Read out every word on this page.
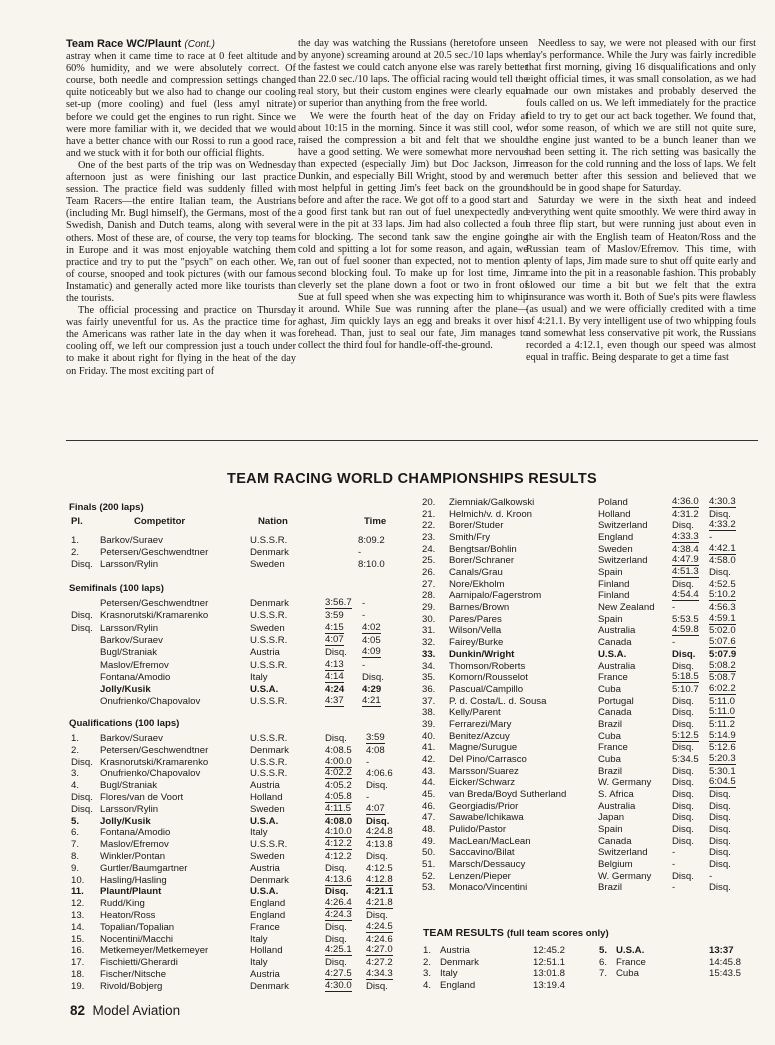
Team Race WC/Plaunt (Cont.)

astray when it came time to race at 0 feet altitude and 60% humidity, and we were absolutely correct. Of course, both needle and compression settings changed quite noticeably but we also had to change our cooling set-up (more cooling) and fuel (less amyl nitrate) before we could get the engines to run right. Since we were more familiar with it, we decided that we would have a better chance with our Rossi to run a good race, and we stuck with it for both our official flights.

One of the best parts of the trip was on Wednesday afternoon just as were finishing our last practice session. The practice field was suddenly filled with Team Racers—the entire Italian team, the Austrians (including Mr. Bugl himself), the Germans, most of the Swedish, Danish and Dutch teams, along with several others. Most of these are, of course, the very top teams in Europe and it was most enjoyable watching them practice and try to put the "psych" on each other. We, of course, snooped and took pictures (with our famous Instamatic) and generally acted more like tourists than the tourists.

The official processing and practice on Thursday was fairly uneventful for us. As the practice time for the Americans was rather late in the day when it was cooling off, we left our compression just a touch under to make it about right for flying in the heat of the day on Friday. The most exciting part of

the day was watching the Russians (heretofore unseen by anyone) screaming around at 20.5 sec./10 laps when the fastest we could catch anyone else was rarely better than 22.0 sec./10 laps. The official racing would tell the real story, but their custom engines were clearly equal or superior than anything from the free world.

We were the fourth heat of the day on Friday at about 10:15 in the morning. Since it was still cool, we raised the compression a bit and felt that we should have a good setting. We were somewhat more nervous than expected (especially Jim) but Doc Jackson, Jim Dunkin, and especially Bill Wright, stood by and were most helpful in getting Jim's feet back on the ground before and after the race. We got off to a good start and a good first tank but ran out of fuel unexpectedly and were in the pit at 33 laps. Jim had also collected a foul for blocking. The second tank saw the engine going cold and spitting a lot for some reason, and again, we ran out of fuel sooner than expected, not to mention a second blocking foul. To make up for lost time, Jim cleverly set the plane down a foot or two in front of Sue at full speed when she was expecting him to whip it around. While Sue was running after the plane—aghast, Jim quickly lays an egg and breaks it over his forehead. Than, just to seal our fate, Jim manages to collect the third foul for handle-off-the-ground.

Needless to say, we were not pleased with our first day's performance. While the Jury was fairly incredible that first morning, giving 16 disqualifications and only eight official times, it was small consolation, as we had made our own mistakes and probably deserved the fouls called on us. We left immediately for the practice field to try to get our act back together. We found that, for some reason, of which we are still not quite sure, the engine just wanted to be a bunch leaner than we had been setting it. The rich setting was basically the reason for the cold running and the loss of laps. We felt much better after this session and believed that we should be in good shape for Saturday.

Saturday we were in the sixth heat and indeed everything went quite smoothly. We were third away in a three flip start, but were running just about even in the air with the English team of Heaton/Ross and the Russian team of Maslov/Efremov. This time, with plenty of laps, Jim made sure to shut off quite early and came into the pit in a reasonable fashion. This probably slowed our time a bit but we felt that the extra insurance was worth it. Both of Sue's pits were flawless (as usual) and we were officially credited with a time of 4:21.1. By very intelligent use of two whipping fouls and somewhat less conservative pit work, the Russians recorded a 4:12.1, even though our speed was almost equal in traffic. Being desparate to get a time fast

TEAM RACING WORLD CHAMPIONSHIPS RESULTS
Finals (200 laps)
Pl.	Competitor	Nation	Time
1. Barkov/Suraev	U.S.S.R.	8:09.2
2. Petersen/Geschwendtner	Denmark	-
Disq. Larsson/Rylin	Sweden	8:10.0
Semifinals (100 laps)
Petersen/Geschwendtner	Denmark	3:56.7 -
Disq. Krasnorutski/Kramarenko	U.S.S.R.	3:59 -
Disq. Larsson/Rylin	Sweden	4:15 4:02
Barkov/Suraev	U.S.S.R.	4:07 4:05
Bugl/Straniak	Austria	Disq. 4:09
Maslov/Efremov	U.S.S.R.	4:13 -
Fontana/Amodio	Italy	4:14 Disq.
Jolly/Kusik	U.S.A.	4:24 4:29
Onufrienko/Chapovalov	U.S.S.R.	4:37 4:21
Qualifications (100 laps)
1. Barkov/Suraev	U.S.S.R.	Disq. 3:59
2. Petersen/Geschwendtner	Denmark	4:08.5 4:08
Disq. Krasnorutski/Kramarenko	U.S.S.R.	4:00.0 -
3. Onufrienko/Chapovalov	U.S.S.R.	4:02.2 4:06.6
4. Bugl/Straniak	Austria	4:05.2 Disq.
Disq. Flores/van de Voort	Holland	4:05.8 -
Disq. Larsson/Rylin	Sweden	4:11.5 4:07
5. Jolly/Kusik	U.S.A.	4:08.0 Disq.
6. Fontana/Amodio	Italy	4:10.0 4:24.8
7. Maslov/Efremov	U.S.S.R.	4:12.2 4:13.8
8. Winkler/Pontan	Sweden	4:12.2 Disq.
9. Gurtler/Baumgartner	Austria	Disq. 4:12.5
10. Hasling/Hasling	Denmark	4:13.6 4:12.8
11. Plaunt/Plaunt	U.S.A.	Disq. 4:21.1
12. Rudd/King	England	4:26.4 4:21.8
13. Heaton/Ross	England	4:24.3 Disq.
14. Topalian/Topalian	France	Disq. 4:24.5
15. Nocentini/Macchi	Italy	Disq. 4:24.6
16. Metkemeyer/Metkemeyer	Holland	4:25.1 4:27.0
17. Fischietti/Gherardi	Italy	Disq. 4:27.2
18. Fischer/Nitsche	Austria	4:27.5 4:34.3
19. Rivold/Bobjerg	Denmark	4:30.0 Disq.
20. Ziemniak/Galkowski	Poland	4:36.0 4:30.3
21. Helmich/v. d. Kroon	Holland	4:31.2 Disq.
22. Borer/Studer	Switzerland	Disq. 4:33.2
23. Smith/Fry	England	4:33.3 -
24. Bengtsar/Bohlin	Sweden	4:38.4 4:42.1
25. Borer/Schraner	Switzerland	4:47.9 4:58.0
26. Canals/Grau	Spain	4:51.3 Disq.
27. Nore/Ekholm	Finland	Disq. 4:52.5
28. Aarnipalo/Fagerstrom	Finland	4:54.4 5:10.2
29. Barnes/Brown	New Zealand -	4:56.3
30. Pares/Pares	Spain	5:53.5 4:59.1
31. Wilson/Vella	Australia	4:59.8 5:02.0
32. Fairey/Burke	Canada	-	5:07.6
33. Dunkin/Wright	U.S.A.	Disq. 5:07.9
34. Thomson/Roberts	Australia	Disq. 5:08.2
35. Komorn/Rousselot	France	5:18.5 5:08.7
36. Pascual/Campillo	Cuba	5:10.7 6:02.2
37. P. d. Costa/L. d. Sousa	Portugal	Disq. 5:11.0
38. Kelly/Parent	Canada	Disq. 5:11.0
39. Ferrarezi/Mary	Brazil	Disq. 5:11.2
40. Benitez/Azcuy	Cuba	5:12.5 5:14.9
41. Magne/Surugue	France	Disq. 5:12.6
42. Del Pino/Carrasco	Cuba	5:34.5 5:20.3
43. Marsson/Suarez	Brazil	Disq. 5:30.1
44. Eicker/Schwarz	W. Germany Disq. 6:04.5
45. van Breda/Boyd Sutherland	S. Africa	Disq. Disq.
46. Georgiadis/Prior	Australia	Disq. Disq.
47. Sawabe/Ichikawa	Japan	Disq. Disq.
48. Pulido/Pastor	Spain	Disq. Disq.
49. MacLean/MacLean	Canada	Disq. Disq.
50. Saccavino/Bilat	Switzerland	-	Disq.
51. Marsch/Dessaucy	Belgium	-	Disq.
52. Lenzen/Pieper	W. Germany Disq. -
53. Monaco/Vincentini	Brazil	-	Disq.
TEAM RESULTS (full team scores only)
1. Austria	12:45.2
2. Denmark	12:51.1
3. Italy	13:01.8
4. England	13:19.4
5. U.S.A.	13:37
6. France	14:45.8
7. Cuba	15:43.5
82 Model Aviation
